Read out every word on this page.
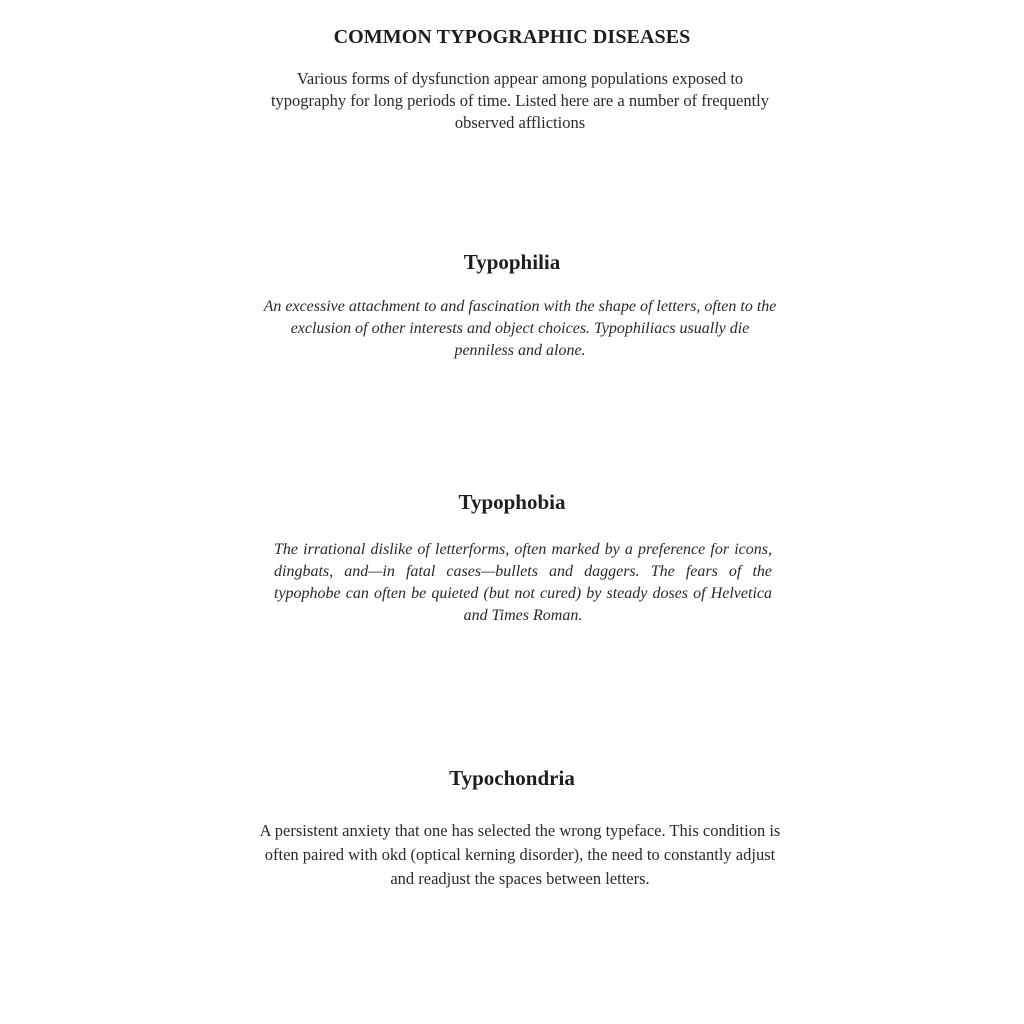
COMMON TYPOGRAPHIC DISEASES

Various forms of dysfunction appear among populations exposed to typography for long periods of time. Listed here are a number of frequently observed afflictions

Typophilia

An excessive attachment to and fascination with the shape of letters, often to the exclusion of other interests and object choices. Typophiliacs usually die penniless and alone.

Typophobia

The irrational dislike of letterforms, often marked by a preference for icons, dingbats, and—in fatal cases—bullets and daggers. The fears of the typophobe can often be quieted (but not cured) by steady doses of Helvetica and Times Roman.

Typochondria

A persistent anxiety that one has selected the wrong typeface. This condition is often paired with okd (optical kerning disorder), the need to constantly adjust and readjust the spaces between letters.
